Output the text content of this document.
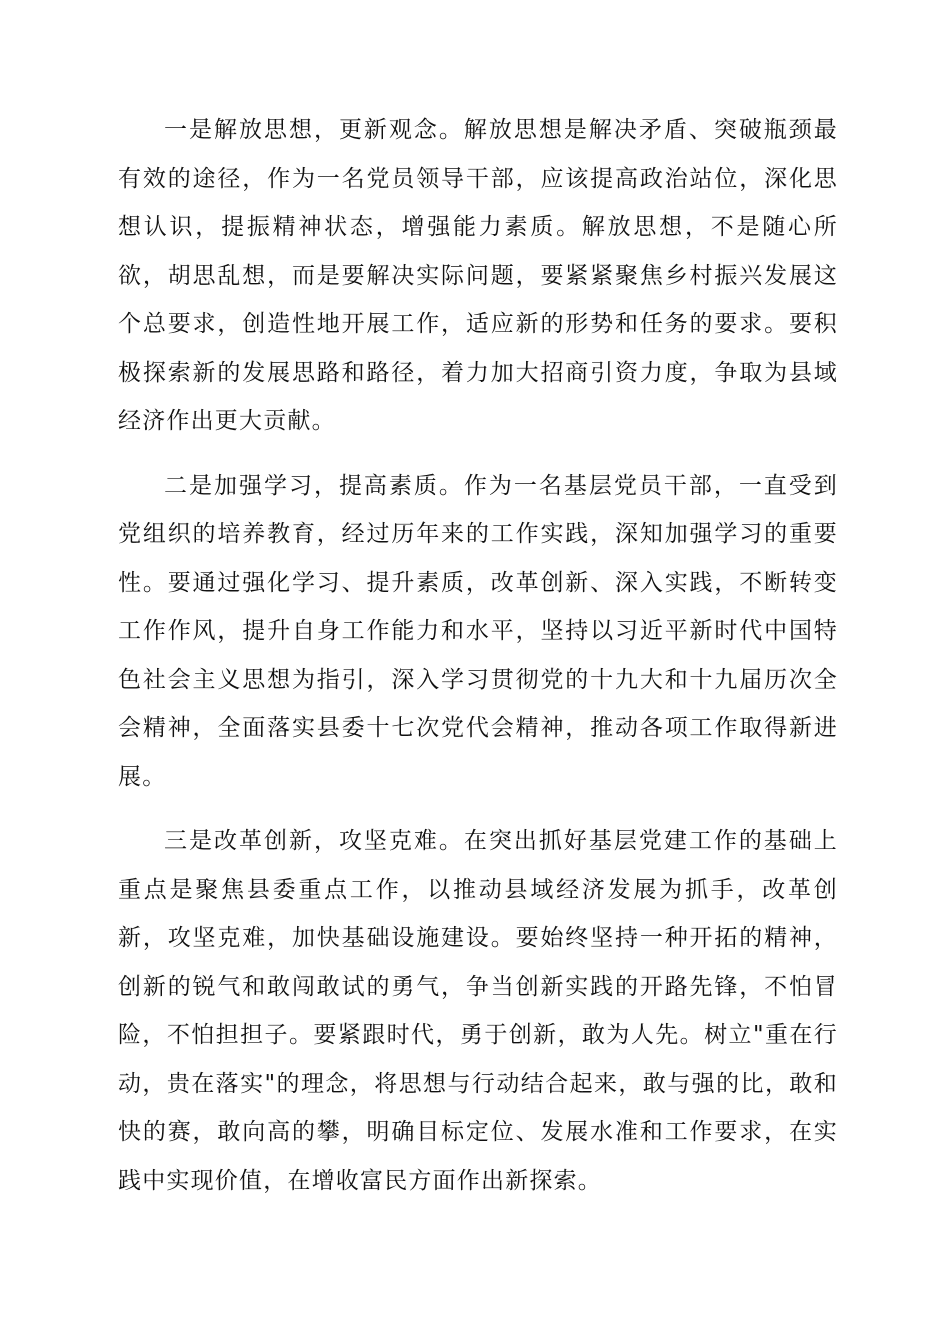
一是解放思想，更新观念。解放思想是解决矛盾、突破瓶颈最有效的途径，作为一名党员领导干部，应该提高政治站位，深化思想认识，提振精神状态，增强能力素质。解放思想，不是随心所欲，胡思乱想，而是要解决实际问题，要紧紧聚焦乡村振兴发展这个总要求，创造性地开展工作，适应新的形势和任务的要求。要积极探索新的发展思路和路径，着力加大招商引资力度，争取为县域经济作出更大贡献。

二是加强学习，提高素质。作为一名基层党员干部，一直受到党组织的培养教育，经过历年来的工作实践，深知加强学习的重要性。要通过强化学习、提升素质，改革创新、深入实践，不断转变工作作风，提升自身工作能力和水平，坚持以习近平新时代中国特色社会主义思想为指引，深入学习贯彻党的十九大和十九届历次全会精神，全面落实县委十七次党代会精神，推动各项工作取得新进展。

三是改革创新，攻坚克难。在突出抓好基层党建工作的基础上重点是聚焦县委重点工作，以推动县域经济发展为抓手，改革创新，攻坚克难，加快基础设施建设。要始终坚持一种开拓的精神，创新的锐气和敢闯敢试的勇气，争当创新实践的开路先锋，不怕冒险，不怕担担子。要紧跟时代，勇于创新，敢为人先。树立"重在行动，贵在落实"的理念，将思想与行动结合起来，敢与强的比，敢和快的赛，敢向高的攀，明确目标定位、发展水准和工作要求，在实践中实现价值，在增收富民方面作出新探索。
